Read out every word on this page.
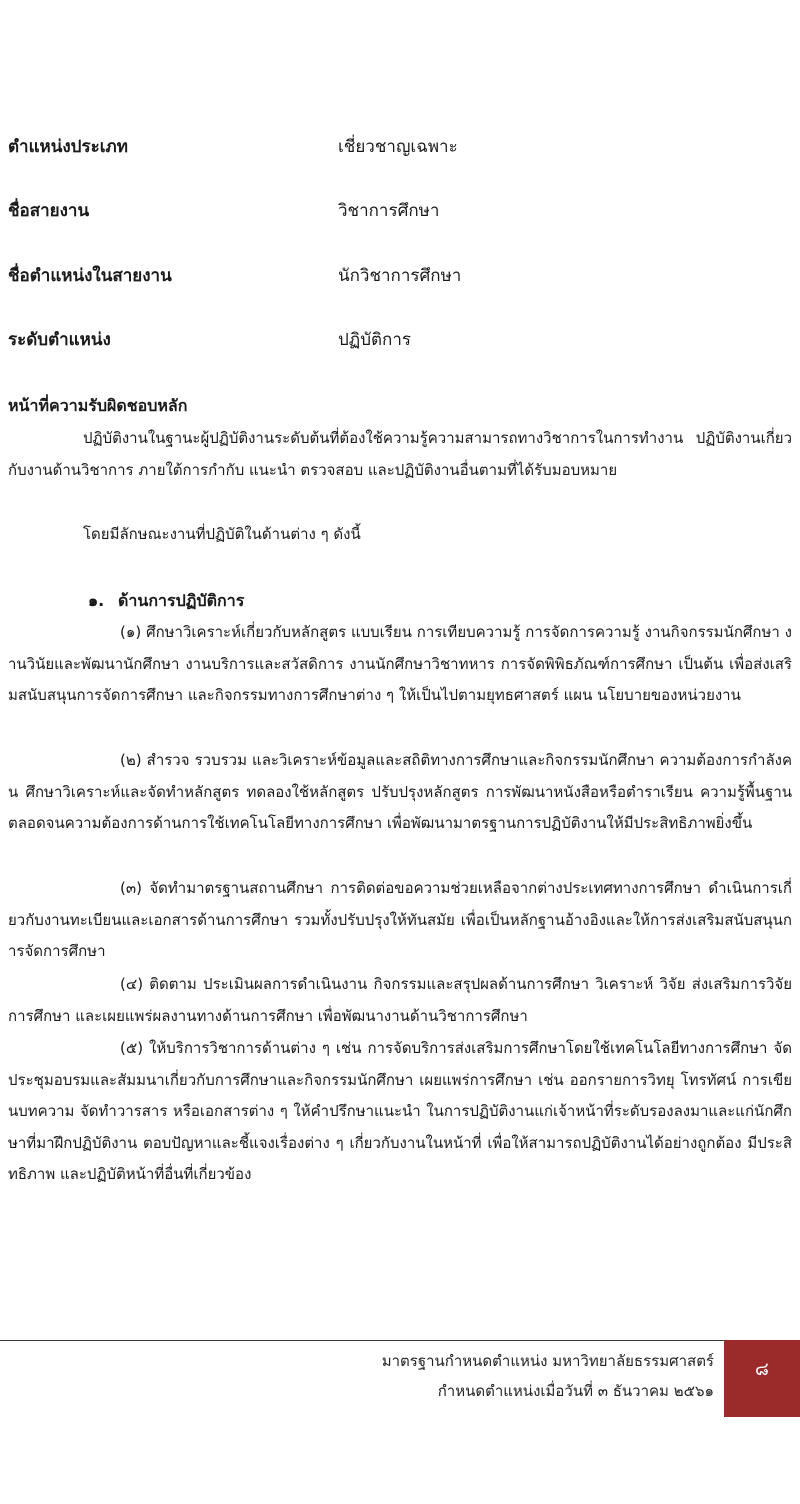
ตำแหน่งประเภท	เชี่ยวชาญเฉพาะ
ชื่อสายงาน	วิชาการศึกษา
ชื่อตำแหน่งในสายงาน	นักวิชาการศึกษา
ระดับตำแหน่ง	ปฏิบัติการ
หน้าที่ความรับผิดชอบหลัก

ปฏิบัติงานในฐานะผู้ปฏิบัติงานระดับต้นที่ต้องใช้ความรู้ความสามารถทางวิชาการในการทำงาน ปฏิบัติงานเกี่ยวกับงานด้านวิชาการ ภายใต้การกำกับ แนะนำ ตรวจสอบ และปฏิบัติงานอื่นตามที่ได้รับมอบหมาย

โดยมีลักษณะงานที่ปฏิบัติในด้านต่าง ๆ ดังนี้

๑. ด้านการปฏิบัติการ

(๑) ศึกษาวิเคราะห์เกี่ยวกับหลักสูตร แบบเรียน การเทียบความรู้ การจัดการความรู้ งานกิจกรรมนักศึกษา งานวินัยและพัฒนานักศึกษา งานบริการและสวัสดิการ งานนักศึกษาวิชาทหาร การจัดพิพิธภัณฑ์การศึกษา เป็นต้น เพื่อส่งเสริมสนับสนุนการจัดการศึกษา และกิจกรรมทางการศึกษาต่าง ๆ ให้เป็นไปตามยุทธศาสตร์ แผน นโยบายของหน่วยงาน

(๒) สำรวจ รวบรวม และวิเคราะห์ข้อมูลและสถิติทางการศึกษาและกิจกรรมนักศึกษา ความต้องการกำลังคน ศึกษาวิเคราะห์และจัดทำหลักสูตร ทดลองใช้หลักสูตร ปรับปรุงหลักสูตร การพัฒนาหนังสือหรือตำราเรียน ความรู้พื้นฐาน ตลอดจนความต้องการด้านการใช้เทคโนโลยีทางการศึกษา เพื่อพัฒนามาตรฐานการปฏิบัติงานให้มีประสิทธิภาพยิ่งขึ้น

(๓) จัดทำมาตรฐานสถานศึกษา การติดต่อขอความช่วยเหลือจากต่างประเทศทางการศึกษา ดำเนินการเกี่ยวกับงานทะเบียนและเอกสารด้านการศึกษา รวมทั้งปรับปรุงให้ทันสมัย เพื่อเป็นหลักฐานอ้างอิงและให้การส่งเสริมสนับสนุนการจัดการศึกษา

(๔) ติดตาม ประเมินผลการดำเนินงาน กิจกรรมและสรุปผลด้านการศึกษา วิเคราะห์ วิจัย ส่งเสริมการวิจัยการศึกษา และเผยแพร่ผลงานทางด้านการศึกษา เพื่อพัฒนางานด้านวิชาการศึกษา

(๕) ให้บริการวิชาการด้านต่าง ๆ เช่น การจัดบริการส่งเสริมการศึกษาโดยใช้เทคโนโลยีทางการศึกษา จัดประชุมอบรมและสัมมนาเกี่ยวกับการศึกษาและกิจกรรมนักศึกษา เผยแพร่การศึกษา เช่น ออกรายการวิทยุ โทรทัศน์ การเขียนบทความ จัดทำวารสาร หรือเอกสารต่าง ๆ ให้คำปรึกษาแนะนำ ในการปฏิบัติงานแก่เจ้าหน้าที่ระดับรองลงมาและแก่นักศึกษาที่มาฝึกปฏิบัติงาน ตอบปัญหาและชี้แจงเรื่องต่าง ๆ เกี่ยวกับงานในหน้าที่ เพื่อให้สามารถปฏิบัติงานได้อย่างถูกต้อง มีประสิทธิภาพ และปฏิบัติหน้าที่อื่นที่เกี่ยวข้อง

มาตรฐานกำหนดตำแหน่ง มหาวิทยาลัยธรรมศาสตร์
กำหนดตำแหน่งเมื่อวันที่ ๓ ธันวาคม ๒๕๖๑
๘
